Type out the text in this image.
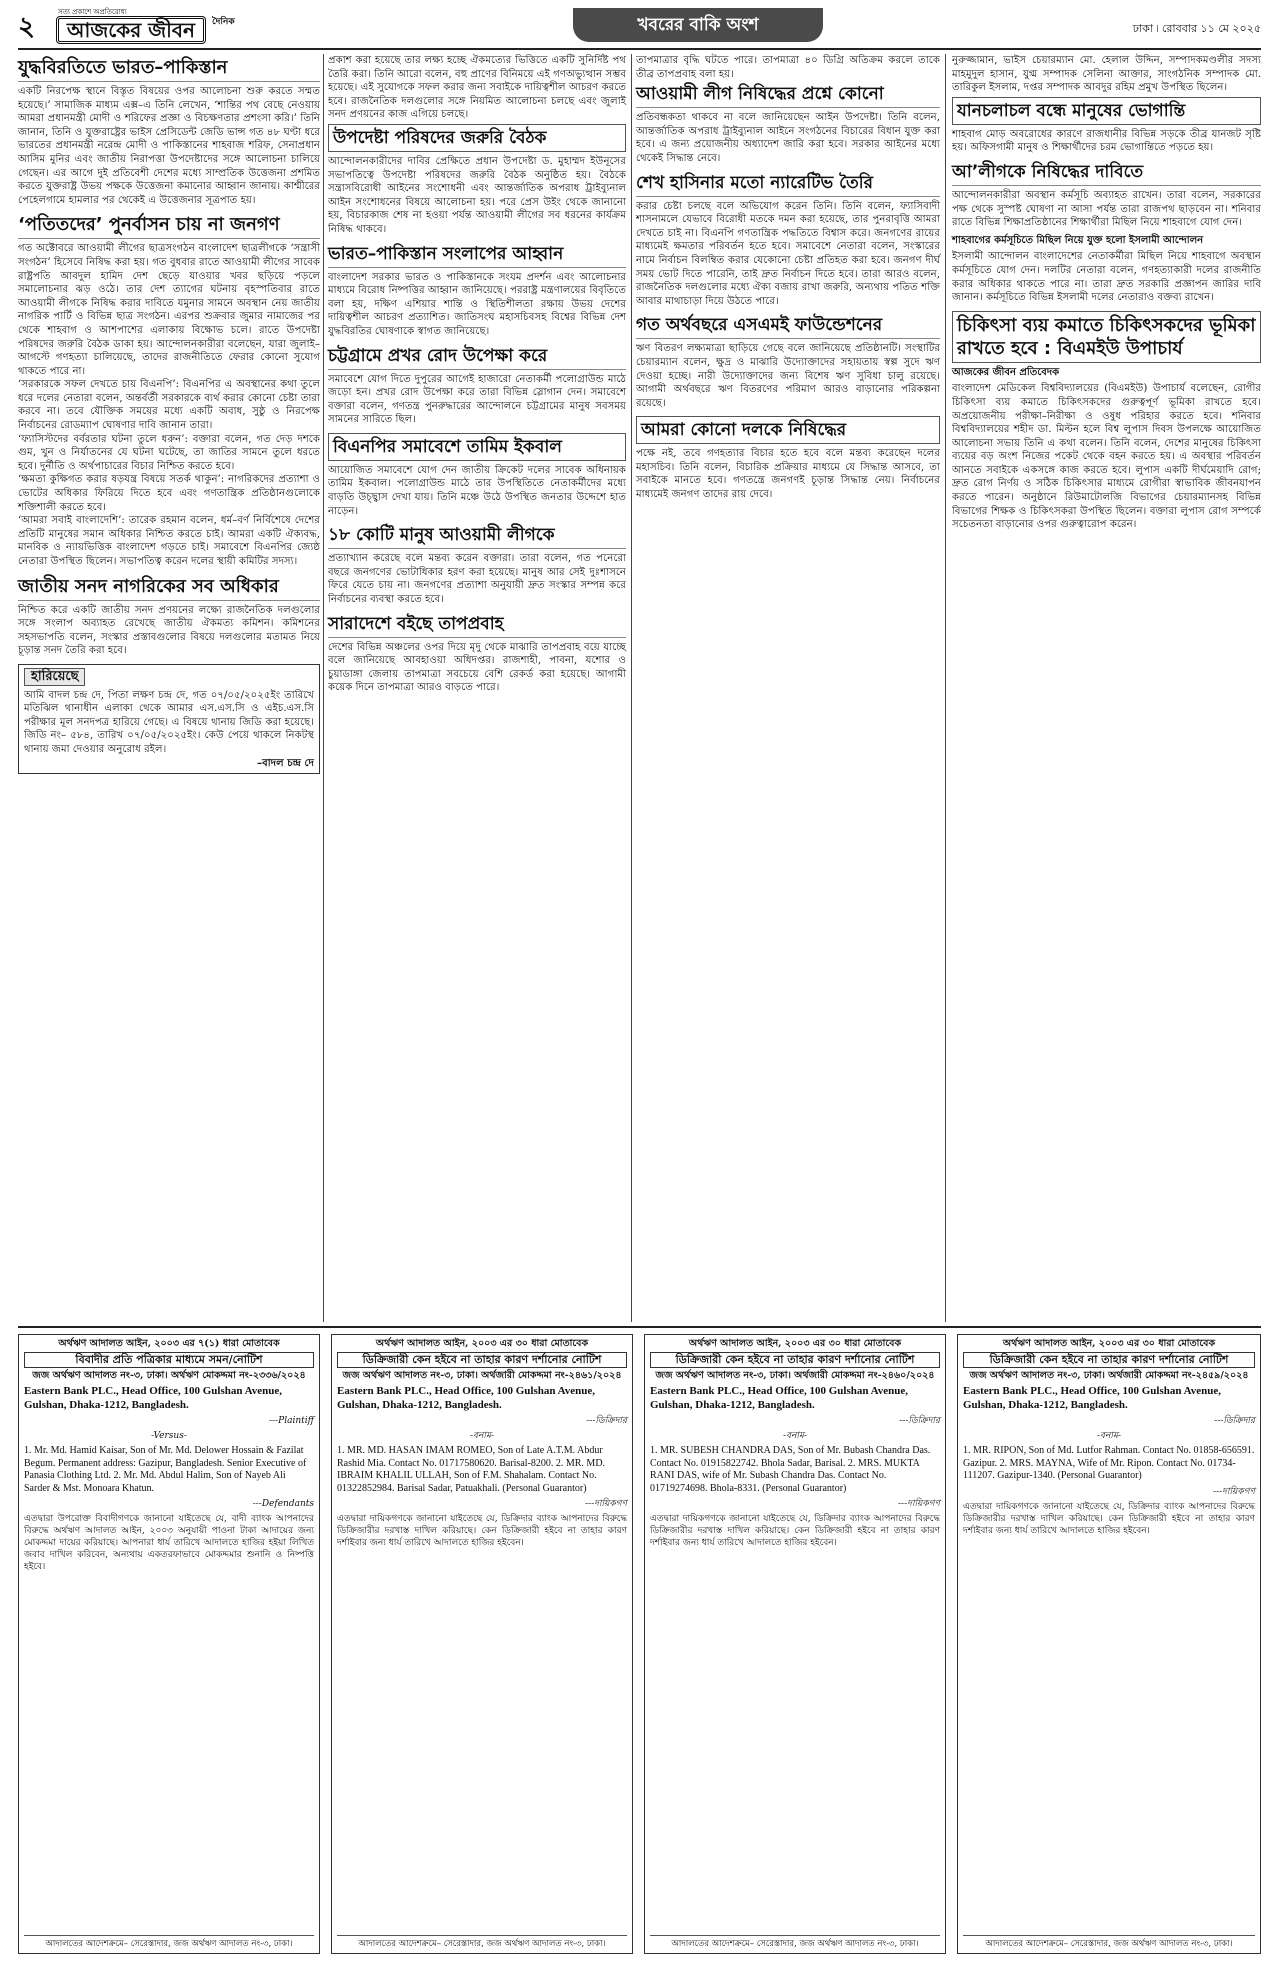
২	সত্য প্রকাশে অপ্রতিরোধ্য
আজকের জীবন	দৈনিক	খবরের বাকি অংশ	ঢাকা ৷ রোববার ১১ মে ২০২৫
যুদ্ধবিরতিতে ভারত–পাকিস্তান

একটি নিরপেক্ষ স্থানে বিস্তৃত বিষয়ের ওপর আলোচনা শুরু করতে সম্মত হয়েছে।’ সামাজিক মাধ্যম এক্স–এ তিনি লেখেন, ‘শান্তির পথ বেছে নেওয়ায় আমরা প্রধানমন্ত্রী মোদী ও শরিফের প্রজ্ঞা ও বিচক্ষণতার প্রশংসা করি।’ তিনি জানান, তিনি ও যুক্তরাষ্ট্রের ভাইস প্রেসিডেন্ট জেডি ভান্স গত ৪৮ ঘণ্টা ধরে ভারতের প্রধানমন্ত্রী নরেন্দ্র মোদী ও পাকিস্তানের শাহবাজ শরিফ, সেনাপ্রধান আসিম মুনির এবং জাতীয় নিরাপত্তা উপদেষ্টাদের সঙ্গে আলোচনা চালিয়ে গেছেন। এর আগে দুই প্রতিবেশী দেশের মধ্যে সাম্প্রতিক উত্তেজনা প্রশমিত করতে যুক্তরাষ্ট্র উভয় পক্ষকে উত্তেজনা কমানোর আহ্বান জানায়। কাশ্মীরের পেহেলগামে হামলার পর থেকেই এ উত্তেজনার সূত্রপাত হয়।

‘পতিতদের’ পুনর্বাসন চায় না জনগণ

গত অক্টোবরে আওয়ামী লীগের ছাত্রসংগঠন বাংলাদেশ ছাত্রলীগকে ‘সন্ত্রাসী সংগঠন’ হিসেবে নিষিদ্ধ করা হয়। গত বুধবার রাতে আওয়ামী লীগের সাবেক রাষ্ট্রপতি আবদুল হামিদ দেশ ছেড়ে যাওয়ার খবর ছড়িয়ে পড়লে সমালোচনার ঝড় ওঠে। তার দেশ ত্যাগের ঘটনায় বৃহস্পতিবার রাতে আওয়ামী লীগকে নিষিদ্ধ করার দাবিতে যমুনার সামনে অবস্থান নেয় জাতীয় নাগরিক পার্টি ও বিভিন্ন ছাত্র সংগঠন। এরপর শুক্রবার জুমার নামাজের পর থেকে শাহবাগ ও আশপাশের এলাকায় বিক্ষোভ চলে। রাতে উপদেষ্টা পরিষদের জরুরি বৈঠক ডাকা হয়। আন্দোলনকারীরা বলেছেন, যারা জুলাই–আগস্টে গণহত্যা চালিয়েছে, তাদের রাজনীতিতে ফেরার কোনো সুযোগ থাকতে পারে না।
‘সরকারকে সফল দেখতে চায় বিএনপি’: বিএনপির এ অবস্থানের কথা তুলে ধরে দলের নেতারা বলেন, অন্তর্বর্তী সরকারকে ব্যর্থ করার কোনো চেষ্টা তারা করবে না। তবে যৌক্তিক সময়ের মধ্যে একটি অবাধ, সুষ্ঠু ও নিরপেক্ষ নির্বাচনের রোডম্যাপ ঘোষণার দাবি জানান তারা।
‘ফ্যাসিস্টদের বর্বরতার ঘটনা তুলে ধরুন’: বক্তারা বলেন, গত দেড় দশকে গুম, খুন ও নির্যাতনের যে ঘটনা ঘটেছে, তা জাতির সামনে তুলে ধরতে হবে। দুর্নীতি ও অর্থপাচারের বিচার নিশ্চিত করতে হবে।
‘ক্ষমতা কুক্ষিগত করার ষড়যন্ত্র বিষয়ে সতর্ক থাকুন’: নাগরিকদের প্রত্যাশা ও ভোটের অধিকার ফিরিয়ে দিতে হবে এবং গণতান্ত্রিক প্রতিষ্ঠানগুলোকে শক্তিশালী করতে হবে।
‘আমরা সবাই বাংলাদেশি’: তারেক রহমান বলেন, ধর্ম–বর্ণ নির্বিশেষে দেশের প্রতিটি মানুষের সমান অধিকার নিশ্চিত করতে চাই। আমরা একটি ঐক্যবদ্ধ, মানবিক ও ন্যায়ভিত্তিক বাংলাদেশ গড়তে চাই। সমাবেশে বিএনপির জ্যেষ্ঠ নেতারা উপস্থিত ছিলেন। সভাপতিত্ব করেন দলের স্থায়ী কমিটির সদস্য।

জাতীয় সনদ নাগরিকের সব অধিকার

নিশ্চিত করে একটি জাতীয় সনদ প্রণয়নের লক্ষ্যে রাজনৈতিক দলগুলোর সঙ্গে সংলাপ অব্যাহত রেখেছে জাতীয় ঐকমত্য কমিশন। কমিশনের সহসভাপতি বলেন, সংস্কার প্রস্তাবগুলোর বিষয়ে দলগুলোর মতামত নিয়ে চূড়ান্ত সনদ তৈরি করা হবে।

হারিয়েছে

আমি বাদল চন্দ্র দে, পিতা লক্ষণ চন্দ্র দে, গত ০৭/০৫/২০২৫ইং তারিখে মতিঝিল থানাধীন এলাকা থেকে আমার এস.এস.সি ও এইচ.এস.সি পরীক্ষার মূল সনদপত্র হারিয়ে গেছে। এ বিষয়ে থানায় জিডি করা হয়েছে। জিডি নং– ৫৮৪, তারিখ ০৭/০৫/২০২৫ইং। কেউ পেয়ে থাকলে নিকটস্থ থানায় জমা দেওয়ার অনুরোধ রইল।

–বাদল চন্দ্র দে

প্রকাশ করা হয়েছে তার লক্ষ্য হচ্ছে ঐকমত্যের ভিত্তিতে একটি সুনির্দিষ্ট পথ তৈরি করা। তিনি আরো বলেন, বহু প্রাণের বিনিময়ে এই গণঅভ্যুত্থান সম্ভব হয়েছে। এই সুযোগকে সফল করার জন্য সবাইকে দায়িত্বশীল আচরণ করতে হবে। রাজনৈতিক দলগুলোর সঙ্গে নিয়মিত আলোচনা চলছে এবং জুলাই সনদ প্রণয়নের কাজ এগিয়ে চলছে।

উপদেষ্টা পরিষদের জরুরি বৈঠক

আন্দোলনকারীদের দাবির প্রেক্ষিতে প্রধান উপদেষ্টা ড. মুহাম্মদ ইউনূসের সভাপতিত্বে উপদেষ্টা পরিষদের জরুরি বৈঠক অনুষ্ঠিত হয়। বৈঠকে সন্ত্রাসবিরোধী আইনের সংশোধনী এবং আন্তর্জাতিক অপরাধ ট্রাইব্যুনাল আইন সংশোধনের বিষয়ে আলোচনা হয়। পরে প্রেস উইং থেকে জানানো হয়, বিচারকাজ শেষ না হওয়া পর্যন্ত আওয়ামী লীগের সব ধরনের কার্যক্রম নিষিদ্ধ থাকবে।

ভারত–পাকিস্তান সংলাপের আহ্বান

বাংলাদেশ সরকার ভারত ও পাকিস্তানকে সংযম প্রদর্শন এবং আলোচনার মাধ্যমে বিরোধ নিষ্পত্তির আহ্বান জানিয়েছে। পররাষ্ট্র মন্ত্রণালয়ের বিবৃতিতে বলা হয়, দক্ষিণ এশিয়ার শান্তি ও স্থিতিশীলতা রক্ষায় উভয় দেশের দায়িত্বশীল আচরণ প্রত্যাশিত। জাতিসংঘ মহাসচিবসহ বিশ্বের বিভিন্ন দেশ যুদ্ধবিরতির ঘোষণাকে স্বাগত জানিয়েছে।

চট্টগ্রামে প্রখর রোদ উপেক্ষা করে

সমাবেশে যোগ দিতে দুপুরের আগেই হাজারো নেতাকর্মী পলোগ্রাউন্ড মাঠে জড়ো হন। প্রখর রোদ উপেক্ষা করে তারা বিভিন্ন স্লোগান দেন। সমাবেশে বক্তারা বলেন, গণতন্ত্র পুনরুদ্ধারের আন্দোলনে চট্টগ্রামের মানুষ সবসময় সামনের সারিতে ছিল।

বিএনপির সমাবেশে তামিম ইকবাল

আয়োজিত সমাবেশে যোগ দেন জাতীয় ক্রিকেট দলের সাবেক অধিনায়ক তামিম ইকবাল। পলোগ্রাউন্ড মাঠে তার উপস্থিতিতে নেতাকর্মীদের মধ্যে বাড়তি উচ্ছ্বাস দেখা যায়। তিনি মঞ্চে উঠে উপস্থিত জনতার উদ্দেশে হাত নাড়েন।

১৮ কোটি মানুষ আওয়ামী লীগকে

প্রত্যাখ্যান করেছে বলে মন্তব্য করেন বক্তারা। তারা বলেন, গত পনেরো বছরে জনগণের ভোটাধিকার হরণ করা হয়েছে। মানুষ আর সেই দুঃশাসনে ফিরে যেতে চায় না। জনগণের প্রত্যাশা অনুযায়ী দ্রুত সংস্কার সম্পন্ন করে নির্বাচনের ব্যবস্থা করতে হবে।

সারাদেশে বইছে তাপপ্রবাহ

দেশের বিভিন্ন অঞ্চলের ওপর দিয়ে মৃদু থেকে মাঝারি তাপপ্রবাহ বয়ে যাচ্ছে বলে জানিয়েছে আবহাওয়া অধিদপ্তর। রাজশাহী, পাবনা, যশোর ও চুয়াডাঙ্গা জেলায় তাপমাত্রা সবচেয়ে বেশি রেকর্ড করা হয়েছে। আগামী কয়েক দিনে তাপমাত্রা আরও বাড়তে পারে।

তাপমাত্রার বৃদ্ধি ঘটতে পারে। তাপমাত্রা ৪০ ডিগ্রি অতিক্রম করলে তাকে তীব্র তাপপ্রবাহ বলা হয়।

আওয়ামী লীগ নিষিদ্ধের প্রশ্নে কোনো

প্রতিবন্ধকতা থাকবে না বলে জানিয়েছেন আইন উপদেষ্টা। তিনি বলেন, আন্তর্জাতিক অপরাধ ট্রাইব্যুনাল আইনে সংগঠনের বিচারের বিধান যুক্ত করা হবে। এ জন্য প্রয়োজনীয় অধ্যাদেশ জারি করা হবে। সরকার আইনের মধ্যে থেকেই সিদ্ধান্ত নেবে।

শেখ হাসিনার মতো ন্যারেটিভ তৈরি

করার চেষ্টা চলছে বলে অভিযোগ করেন তিনি। তিনি বলেন, ফ্যাসিবাদী শাসনামলে যেভাবে বিরোধী মতকে দমন করা হয়েছে, তার পুনরাবৃত্তি আমরা দেখতে চাই না। বিএনপি গণতান্ত্রিক পদ্ধতিতে বিশ্বাস করে। জনগণের রায়ের মাধ্যমেই ক্ষমতার পরিবর্তন হতে হবে। সমাবেশে নেতারা বলেন, সংস্কারের নামে নির্বাচন বিলম্বিত করার যেকোনো চেষ্টা প্রতিহত করা হবে। জনগণ দীর্ঘ সময় ভোট দিতে পারেনি, তাই দ্রুত নির্বাচন দিতে হবে। তারা আরও বলেন, রাজনৈতিক দলগুলোর মধ্যে ঐক্য বজায় রাখা জরুরি, অন্যথায় পতিত শক্তি আবার মাথাচাড়া দিয়ে উঠতে পারে।

গত অর্থবছরে এসএমই ফাউন্ডেশনের

ঋণ বিতরণ লক্ষ্যমাত্রা ছাড়িয়ে গেছে বলে জানিয়েছে প্রতিষ্ঠানটি। সংস্থাটির চেয়ারম্যান বলেন, ক্ষুদ্র ও মাঝারি উদ্যোক্তাদের সহায়তায় স্বল্প সুদে ঋণ দেওয়া হচ্ছে। নারী উদ্যোক্তাদের জন্য বিশেষ ঋণ সুবিধা চালু রয়েছে। আগামী অর্থবছরে ঋণ বিতরণের পরিমাণ আরও বাড়ানোর পরিকল্পনা রয়েছে।

আমরা কোনো দলকে নিষিদ্ধের

পক্ষে নই, তবে গণহত্যার বিচার হতে হবে বলে মন্তব্য করেছেন দলের মহাসচিব। তিনি বলেন, বিচারিক প্রক্রিয়ার মাধ্যমে যে সিদ্ধান্ত আসবে, তা সবাইকে মানতে হবে। গণতন্ত্রে জনগণই চূড়ান্ত সিদ্ধান্ত নেয়। নির্বাচনের মাধ্যমেই জনগণ তাদের রায় দেবে।

নুরুজ্জামান, ভাইস চেয়ারম্যান মো. হেলাল উদ্দিন, সম্পাদকমণ্ডলীর সদস্য মাহমুদুল হাসান, যুগ্ম সম্পাদক সেলিনা আক্তার, সাংগঠনিক সম্পাদক মো. তারিকুল ইসলাম, দপ্তর সম্পাদক আবদুর রহিম প্রমুখ উপস্থিত ছিলেন।

যানচলাচল বন্ধে মানুষের ভোগান্তি

শাহবাগ মোড় অবরোধের কারণে রাজধানীর বিভিন্ন সড়কে তীব্র যানজট সৃষ্টি হয়। অফিসগামী মানুষ ও শিক্ষার্থীদের চরম ভোগান্তিতে পড়তে হয়।

আ’লীগকে নিষিদ্ধের দাবিতে

আন্দোলনকারীরা অবস্থান কর্মসূচি অব্যাহত রাখেন। তারা বলেন, সরকারের পক্ষ থেকে সুস্পষ্ট ঘোষণা না আসা পর্যন্ত তারা রাজপথ ছাড়বেন না। শনিবার রাতে বিভিন্ন শিক্ষাপ্রতিষ্ঠানের শিক্ষার্থীরা মিছিল নিয়ে শাহবাগে যোগ দেন।

শাহবাগের কর্মসূচিতে মিছিল নিয়ে যুক্ত হলো ইসলামী আন্দোলন

ইসলামী আন্দোলন বাংলাদেশের নেতাকর্মীরা মিছিল নিয়ে শাহবাগে অবস্থান কর্মসূচিতে যোগ দেন। দলটির নেতারা বলেন, গণহত্যাকারী দলের রাজনীতি করার অধিকার থাকতে পারে না। তারা দ্রুত সরকারি প্রজ্ঞাপন জারির দাবি জানান। কর্মসূচিতে বিভিন্ন ইসলামী দলের নেতারাও বক্তব্য রাখেন।

চিকিৎসা ব্যয় কমাতে চিকিৎসকদের ভূমিকা রাখতে হবে : বিএমইউ উপাচার্য
আজকের জীবন প্রতিবেদক

বাংলাদেশ মেডিকেল বিশ্ববিদ্যালয়ের (বিএমইউ) উপাচার্য বলেছেন, রোগীর চিকিৎসা ব্যয় কমাতে চিকিৎসকদের গুরুত্বপূর্ণ ভূমিকা রাখতে হবে। অপ্রয়োজনীয় পরীক্ষা–নিরীক্ষা ও ওষুধ পরিহার করতে হবে। শনিবার বিশ্ববিদ্যালয়ের শহীদ ডা. মিল্টন হলে বিশ্ব লুপাস দিবস উপলক্ষে আয়োজিত আলোচনা সভায় তিনি এ কথা বলেন। তিনি বলেন, দেশের মানুষের চিকিৎসা ব্যয়ের বড় অংশ নিজের পকেট থেকে বহন করতে হয়। এ অবস্থার পরিবর্তন আনতে সবাইকে একসঙ্গে কাজ করতে হবে। লুপাস একটি দীর্ঘমেয়াদি রোগ; দ্রুত রোগ নির্ণয় ও সঠিক চিকিৎসার মাধ্যমে রোগীরা স্বাভাবিক জীবনযাপন করতে পারেন। অনুষ্ঠানে রিউমাটোলজি বিভাগের চেয়ারম্যানসহ বিভিন্ন বিভাগের শিক্ষক ও চিকিৎসকরা উপস্থিত ছিলেন। বক্তারা লুপাস রোগ সম্পর্কে সচেতনতা বাড়ানোর ওপর গুরুত্বারোপ করেন।

অর্থঋণ আদালত আইন, ২০০৩ এর ৭(১) ধারা মোতাবেক
বিবাদীর প্রতি পত্রিকার মাধ্যমে সমন/নোটিশ
জজ অর্থঋণ আদালত নং-৩, ঢাকা। অর্থঋণ মোকদ্দমা নং-২৩৩৬/২০২৪
Eastern Bank PLC., Head Office, 100 Gulshan Avenue, Gulshan, Dhaka-1212, Bangladesh.
---Plaintiff
-Versus-
1. Mr. Md. Hamid Kaisar, Son of Mr. Md. Delower Hossain & Fazilat Begum. Permanent address: Gazipur, Bangladesh. Senior Executive of Panasia Clothing Ltd. 2. Mr. Md. Abdul Halim, Son of Nayeb Ali Sarder & Mst. Monoara Khatun.
---Defendants
এতদ্বারা উপরোক্ত বিবাদীগণকে জানানো যাইতেছে যে, বাদী ব্যাংক আপনাদের বিরুদ্ধে অর্থঋণ আদালত আইন, ২০০৩ অনুযায়ী পাওনা টাকা আদায়ের জন্য মোকদ্দমা দায়ের করিয়াছে। আপনারা ধার্য তারিখে আদালতে হাজির হইয়া লিখিত জবাব দাখিল করিবেন, অন্যথায় একতরফাভাবে মোকদ্দমার শুনানি ও নিষ্পত্তি হইবে।
আদালতের আদেশক্রমে– সেরেস্তাদার, জজ অর্থঋণ আদালত নং-৩, ঢাকা।
অর্থঋণ আদালত আইন, ২০০৩ এর ৩০ ধারা মোতাবেক
ডিক্রিজারী কেন হইবে না তাহার কারণ দর্শানোর নোটিশ
জজ অর্থঋণ আদালত নং-৩, ঢাকা। অর্থজারী মোকদ্দমা নং-২৪৬১/২০২৪
Eastern Bank PLC., Head Office, 100 Gulshan Avenue, Gulshan, Dhaka-1212, Bangladesh.
---ডিক্রিদার
-বনাম-
1. MR. MD. HASAN IMAM ROMEO, Son of Late A.T.M. Abdur Rashid Mia. Contact No. 01717580620. Barisal-8200. 2. MR. MD. IBRAIM KHALIL ULLAH, Son of F.M. Shahalam. Contact No. 01322852984. Barisal Sadar, Patuakhali. (Personal Guarantor)
---দায়িকগণ
এতদ্বারা দায়িকগণকে জানানো যাইতেছে যে, ডিক্রিদার ব্যাংক আপনাদের বিরুদ্ধে ডিক্রিজারীর দরখাস্ত দাখিল করিয়াছে। কেন ডিক্রিজারী হইবে না তাহার কারণ দর্শাইবার জন্য ধার্য তারিখে আদালতে হাজির হইবেন।
আদালতের আদেশক্রমে– সেরেস্তাদার, জজ অর্থঋণ আদালত নং-৩, ঢাকা।
অর্থঋণ আদালত আইন, ২০০৩ এর ৩০ ধারা মোতাবেক
ডিক্রিজারী কেন হইবে না তাহার কারণ দর্শানোর নোটিশ
জজ অর্থঋণ আদালত নং-৩, ঢাকা। অর্থজারী মোকদ্দমা নং-২৪৬০/২০২৪
Eastern Bank PLC., Head Office, 100 Gulshan Avenue, Gulshan, Dhaka-1212, Bangladesh.
---ডিক্রিদার
-বনাম-
1. MR. SUBESH CHANDRA DAS, Son of Mr. Bubash Chandra Das. Contact No. 01915822742. Bhola Sadar, Barisal. 2. MRS. MUKTA RANI DAS, wife of Mr. Subash Chandra Das. Contact No. 01719274698. Bhola-8331. (Personal Guarantor)
---দায়িকগণ
এতদ্বারা দায়িকগণকে জানানো যাইতেছে যে, ডিক্রিদার ব্যাংক আপনাদের বিরুদ্ধে ডিক্রিজারীর দরখাস্ত দাখিল করিয়াছে। কেন ডিক্রিজারী হইবে না তাহার কারণ দর্শাইবার জন্য ধার্য তারিখে আদালতে হাজির হইবেন।
আদালতের আদেশক্রমে– সেরেস্তাদার, জজ অর্থঋণ আদালত নং-৩, ঢাকা।
অর্থঋণ আদালত আইন, ২০০৩ এর ৩০ ধারা মোতাবেক
ডিক্রিজারী কেন হইবে না তাহার কারণ দর্শানোর নোটিশ
জজ অর্থঋণ আদালত নং-৩, ঢাকা। অর্থজারী মোকদ্দমা নং-২৪৫৯/২০২৪
Eastern Bank PLC., Head Office, 100 Gulshan Avenue, Gulshan, Dhaka-1212, Bangladesh.
---ডিক্রিদার
-বনাম-
1. MR. RIPON, Son of Md. Lutfor Rahman. Contact No. 01858-656591. Gazipur. 2. MRS. MAYNA, Wife of Mr. Ripon. Contact No. 01734-111207. Gazipur-1340. (Personal Guarantor)
---দায়িকগণ
এতদ্বারা দায়িকগণকে জানানো যাইতেছে যে, ডিক্রিদার ব্যাংক আপনাদের বিরুদ্ধে ডিক্রিজারীর দরখাস্ত দাখিল করিয়াছে। কেন ডিক্রিজারী হইবে না তাহার কারণ দর্শাইবার জন্য ধার্য তারিখে আদালতে হাজির হইবেন।
আদালতের আদেশক্রমে– সেরেস্তাদার, জজ অর্থঋণ আদালত নং-৩, ঢাকা।
